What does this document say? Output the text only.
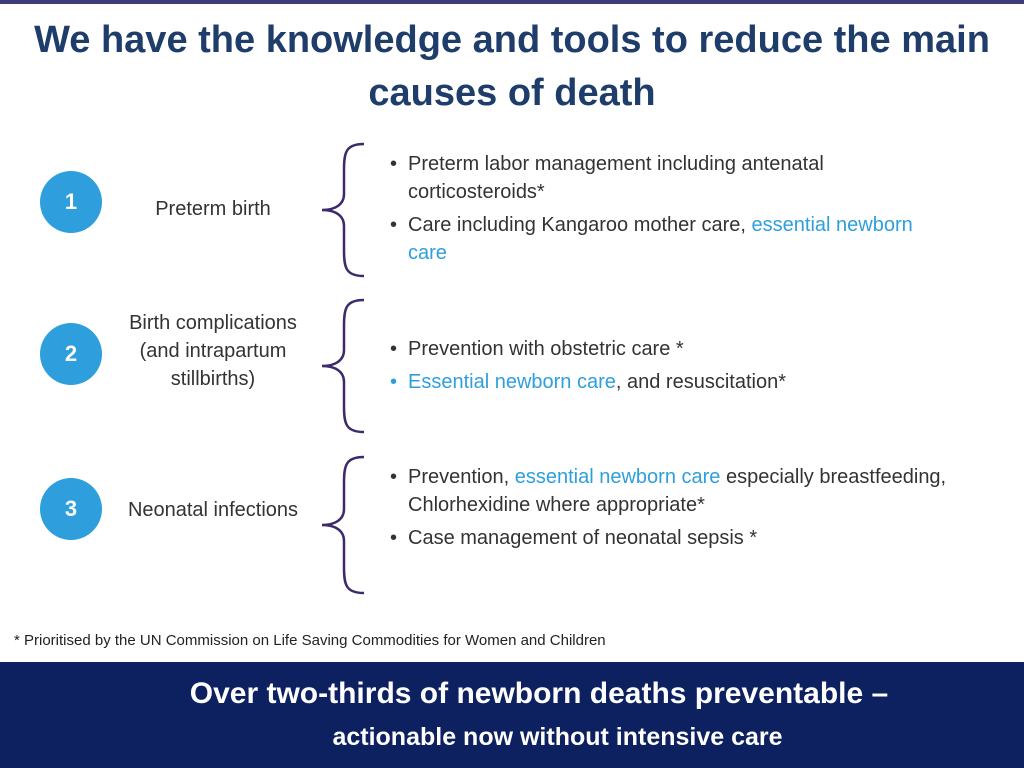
We have the knowledge and tools to reduce the main causes of death
1	Preterm birth
• Preterm labor management including antenatal corticosteroids*
• Care including Kangaroo mother care, essential newborn care
2
Birth complications (and intrapartum stillbirths)
• Prevention with obstetric care *
• Essential newborn care, and resuscitation*
3	Neonatal infections
• Prevention, essential newborn care especially breastfeeding, Chlorhexidine where appropriate*
• Case management of neonatal sepsis *
* Prioritised by the UN Commission on Life Saving Commodities for Women and Children
Over two-thirds of newborn deaths preventable –
actionable now without intensive care
